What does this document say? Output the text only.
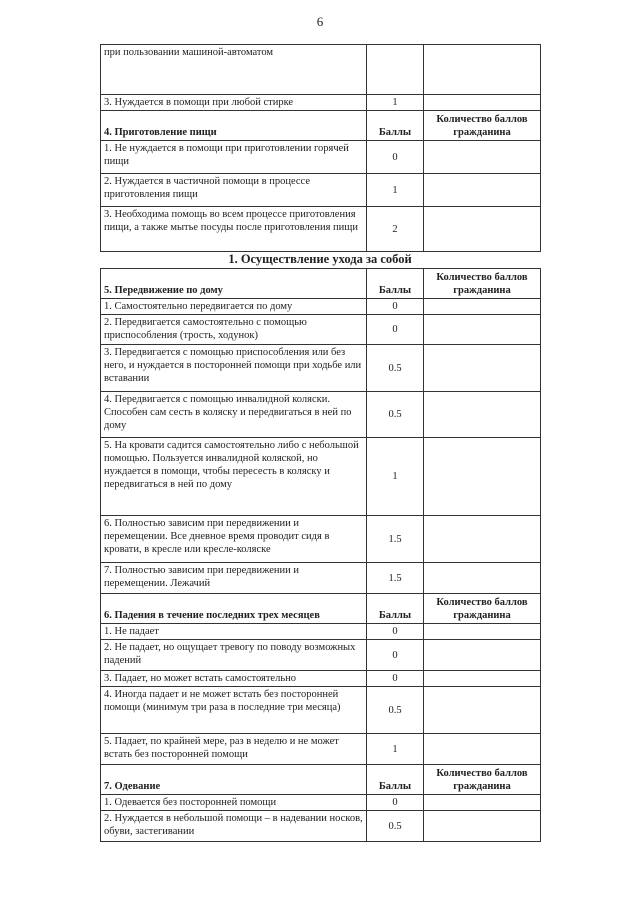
6
при пользовании машиной-автоматом		
3. Нуждается в помощи при любой стирке	1	
4. Приготовление пищи	Баллы	Количество баллов гражданина
1. Не нуждается в помощи при приготовлении горячей пищи	0	
2. Нуждается в частичной помощи в процессе приготовления пищи	1	
3. Необходима помощь во всем процессе приготовления пищи, а также мытье посуды после приготовления пищи	2	
1. Осуществление ухода за собой
5. Передвижение по дому	Баллы	Количество баллов гражданина
1. Самостоятельно передвигается по дому	0	
2. Передвигается самостоятельно с помощью приспособления (трость, ходунок)	0	
3. Передвигается с помощью приспособления или без него, и нуждается в посторонней помощи при ходьбе или вставании	0.5	
4. Передвигается с помощью инвалидной коляски. Способен сам сесть в коляску и передвигаться в ней по дому	0.5	
5. На кровати садится самостоятельно либо с небольшой помощью. Пользуется инвалидной коляской, но нуждается в помощи, чтобы пересесть в коляску и передвигаться в ней по дому	1	
6. Полностью зависим при передвижении и перемещении. Все дневное время проводит сидя в кровати, в кресле или кресле-коляске	1.5	
7. Полностью зависим при передвижении и перемещении. Лежачий	1.5	
6. Падения в течение последних трех месяцев	Баллы	Количество баллов гражданина
1. Не падает	0	
2. Не падает, но ощущает тревогу по поводу возможных падений	0	
3. Падает, но может встать самостоятельно	0	
4. Иногда падает и не может встать без посторонней помощи (минимум три раза в последние три месяца)	0.5	
5. Падает, по крайней мере, раз в неделю и не может встать без посторонней помощи	1	
7. Одевание	Баллы	Количество баллов гражданина
1. Одевается без посторонней помощи	0	
2. Нуждается в небольшой помощи – в надевании носков, обуви, застегивании	0.5	
